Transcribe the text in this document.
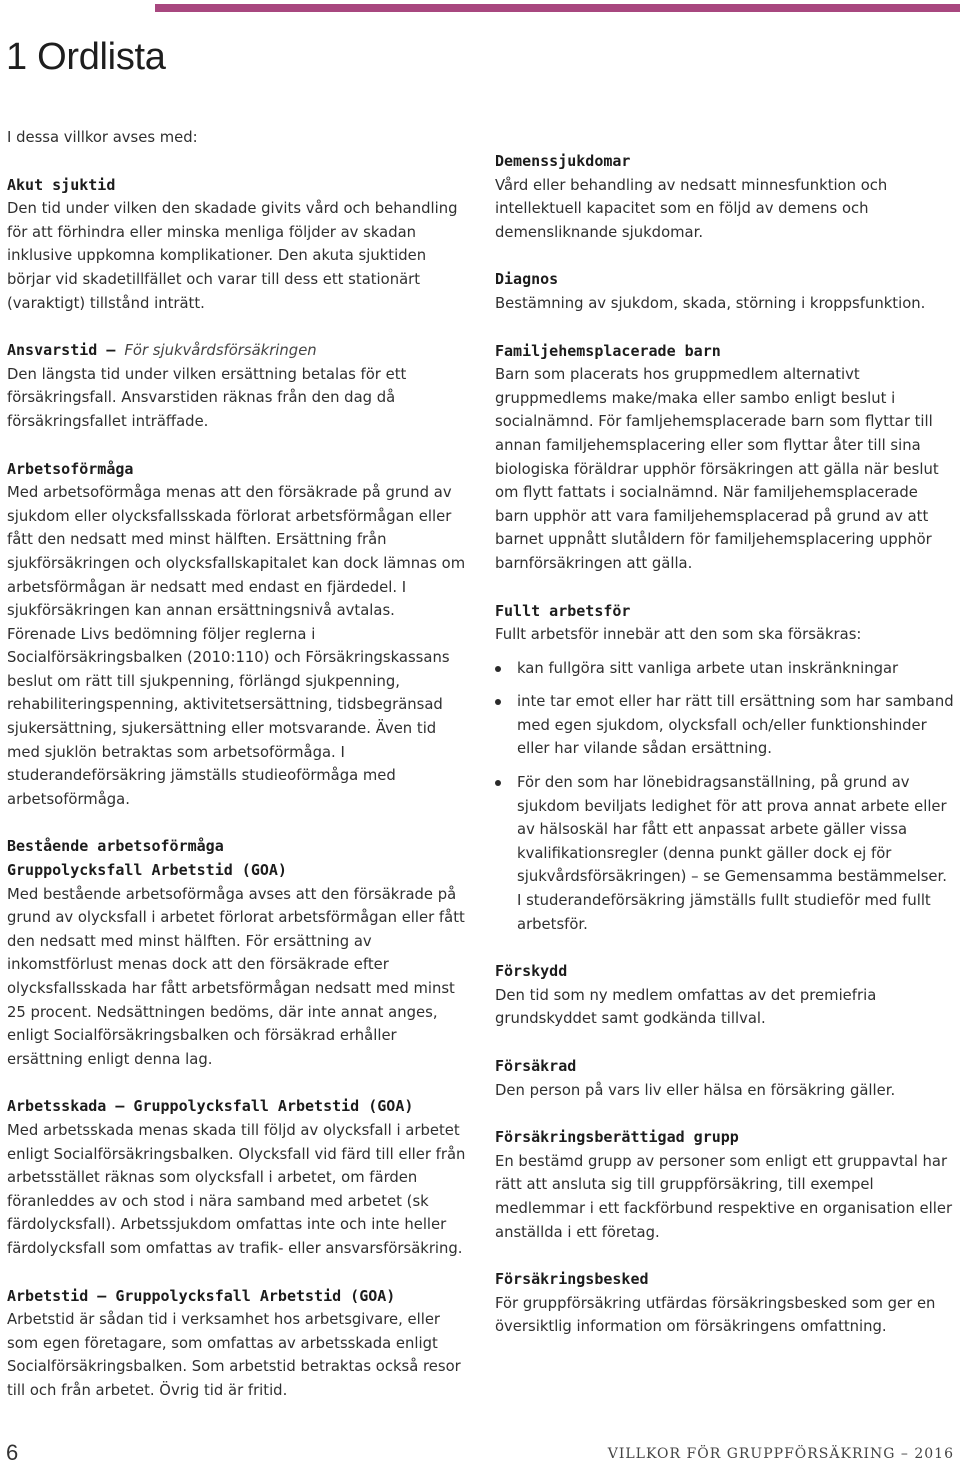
1 Ordlista

I dessa villkor avses med:

Akut sjuktid

Den tid under vilken den skadade givits vård och behandling för att förhindra eller minska menliga följder av skadan inklusive uppkomna komplikationer. Den akuta sjuktiden börjar vid skadetillfället och varar till dess ett stationärt (varaktigt) tillstånd inträtt.

Ansvarstid – För sjukvårdsförsäkringen

Den längsta tid under vilken ersättning betalas för ett försäkringsfall. Ansvarstiden räknas från den dag då försäkringsfallet inträffade.

Arbetsoförmåga

Med arbetsoförmåga menas att den försäkrade på grund av sjukdom eller olycksfallsskada förlorat arbetsförmågan eller fått den nedsatt med minst hälften. Ersättning från sjukförsäkringen och olycksfallskapitalet kan dock lämnas om arbetsförmågan är nedsatt med endast en fjärdedel. I sjukförsäkringen kan annan ersättningsnivå avtalas. Förenade Livs bedömning följer reglerna i Socialförsäkringsbalken (2010:110) och Försäkringskassans beslut om rätt till sjukpenning, förlängd sjukpenning, rehabiliteringspenning, aktivitetsersättning, tidsbegränsad sjukersättning, sjukersättning eller motsvarande. Även tid med sjuklön betraktas som arbetsoförmåga. I studerandeförsäkring jämställs studieoförmåga med arbetsoförmåga.

Bestående arbetsoförmåga

Gruppolycksfall Arbetstid (GOA)

Med bestående arbetsoförmåga avses att den försäkrade på grund av olycksfall i arbetet förlorat arbetsförmågan eller fått den nedsatt med minst hälften. För ersättning av inkomstförlust menas dock att den försäkrade efter olycksfallsskada har fått arbetsförmågan nedsatt med minst 25 procent. Nedsättningen bedöms, där inte annat anges, enligt Socialförsäkringsbalken och försäkrad erhåller ersättning enligt denna lag.

Arbetsskada – Gruppolycksfall Arbetstid (GOA)

Med arbetsskada menas skada till följd av olycksfall i arbetet enligt Socialförsäkringsbalken. Olycksfall vid färd till eller från arbetsstället räknas som olycksfall i arbetet, om färden föranleddes av och stod i nära samband med arbetet (sk färdolycksfall). Arbetssjukdom omfattas inte och inte heller färdolycksfall som omfattas av trafik- eller ansvarsförsäkring.

Arbetstid – Gruppolycksfall Arbetstid (GOA)

Arbetstid är sådan tid i verksamhet hos arbetsgivare, eller som egen företagare, som omfattas av arbetsskada enligt Socialförsäkringsbalken. Som arbetstid betraktas också resor till och från arbetet. Övrig tid är fritid.

Demenssjukdomar

Vård eller behandling av nedsatt minnesfunktion och intellektuell kapacitet som en följd av demens och demensliknande sjukdomar.

Diagnos

Bestämning av sjukdom, skada, störning i kroppsfunktion.

Familjehemsplacerade barn

Barn som placerats hos gruppmedlem alternativt gruppmedlems make/maka eller sambo enligt beslut i socialnämnd. För famljehemsplacerade barn som flyttar till annan familjehemsplacering eller som flyttar åter till sina biologiska föräldrar upphör försäkringen att gälla när beslut om flytt fattats i socialnämnd. När familjehemsplacerade barn upphör att vara familjehemsplacerad på grund av att barnet uppnått slutåldern för familjehemsplacering upphör barnförsäkringen att gälla.

Fullt arbetsför

Fullt arbetsför innebär att den som ska försäkras:

kan fullgöra sitt vanliga arbete utan inskränkningar
inte tar emot eller har rätt till ersättning som har samband med egen sjukdom, olycksfall och/eller funktionshinder eller har vilande sådan ersättning.
För den som har lönebidragsanställning, på grund av sjukdom beviljats ledighet för att prova annat arbete eller av hälsoskäl har fått ett anpassat arbete gäller vissa kvalifikationsregler (denna punkt gäller dock ej för sjukvårdsförsäkringen) – se Gemensamma bestämmelser. I studerandeförsäkring jämställs fullt studieför med fullt arbetsför.

Förskydd

Den tid som ny medlem omfattas av det premiefria grundskyddet samt godkända tillval.

Försäkrad

Den person på vars liv eller hälsa en försäkring gäller.

Försäkringsberättigad grupp

En bestämd grupp av personer som enligt ett gruppavtal har rätt att ansluta sig till gruppförsäkring, till exempel medlemmar i ett fackförbund respektive en organisation eller anställda i ett företag.

Försäkringsbesked

För gruppförsäkring utfärdas försäkringsbesked som ger en översiktlig information om försäkringens omfattning.

6	VILLKOR FÖR GRUPPFÖRSÄKRING – 2016
